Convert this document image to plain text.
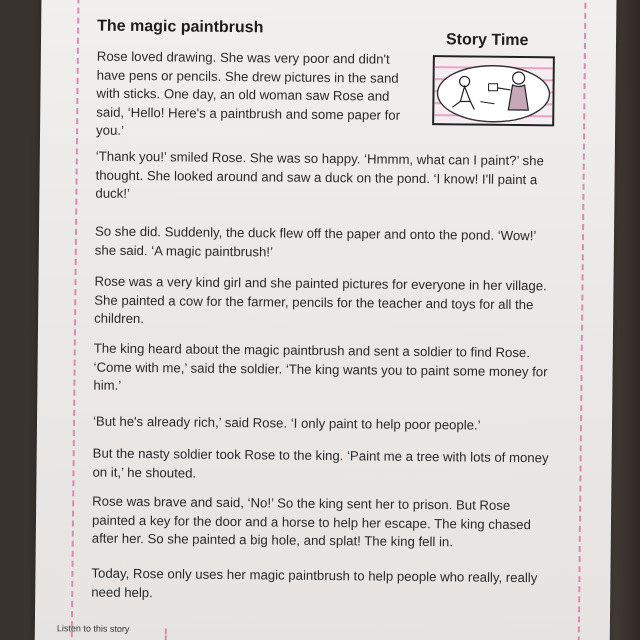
The magic paintbrush
Story Time

Rose loved drawing. She was very poor and didn't have pens or pencils. She drew pictures in the sand with sticks. One day, an old woman saw Rose and said, ‘Hello! Here's a paintbrush and some paper for you.’

‘Thank you!’ smiled Rose. She was so happy. ‘Hmmm, what can I paint?’ she thought. She looked around and saw a duck on the pond. ‘I know! I'll paint a duck!’

So she did. Suddenly, the duck flew off the paper and onto the pond. ‘Wow!’ she said. ‘A magic paintbrush!’

Rose was a very kind girl and she painted pictures for everyone in her village. She painted a cow for the farmer, pencils for the teacher and toys for all the children.

The king heard about the magic paintbrush and sent a soldier to find Rose. ‘Come with me,’ said the soldier. ‘The king wants you to paint some money for him.’

‘But he's already rich,’ said Rose. ‘I only paint to help poor people.’

But the nasty soldier took Rose to the king. ‘Paint me a tree with lots of money on it,’ he shouted.

Rose was brave and said, ‘No!’ So the king sent her to prison. But Rose painted a key for the door and a horse to help her escape. The king chased after her. So she painted a big hole, and splat! The king fell in.

Today, Rose only uses her magic paintbrush to help people who really, really need help.

Listen to this story
